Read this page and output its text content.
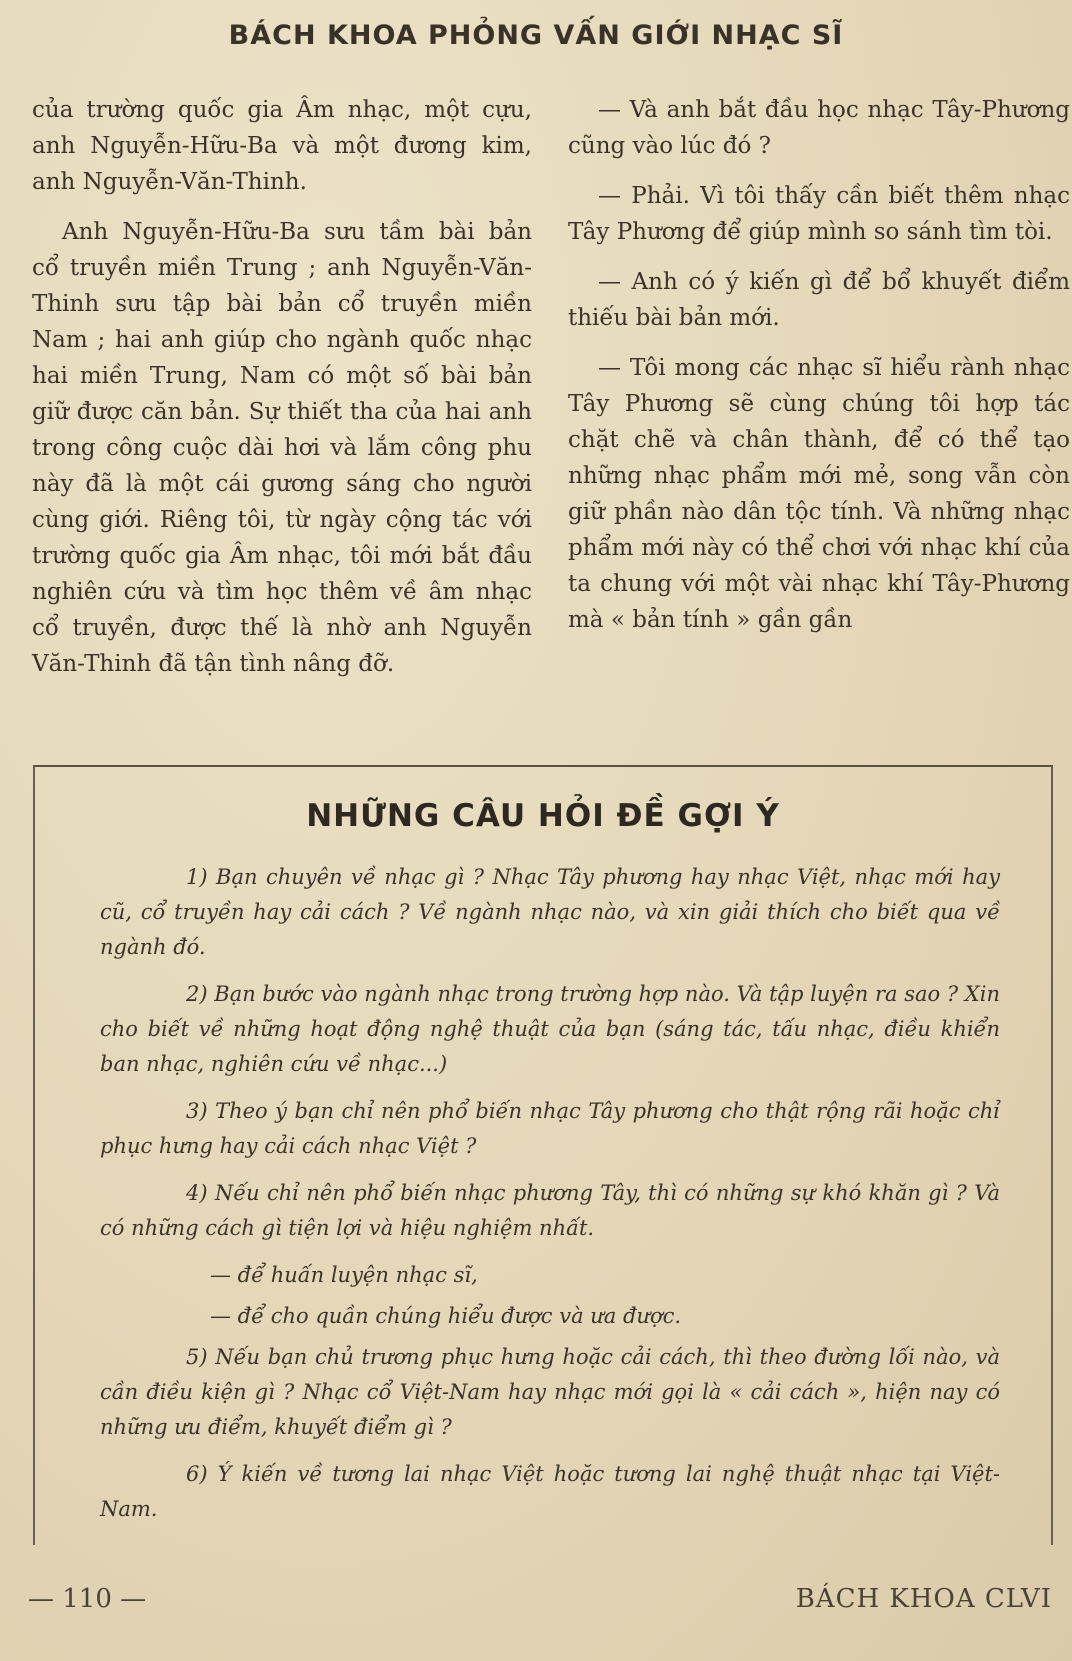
BÁCH KHOA PHỎNG VẤN GIỚI NHẠC SĨ

của trường quốc gia Âm nhạc, một cựu, anh Nguyễn-Hữu-Ba và một đương kim, anh Nguyễn-Văn-Thinh.

Anh Nguyễn-Hữu-Ba sưu tầm bài bản cổ truyền miền Trung ; anh Nguyễn-Văn-Thinh sưu tập bài bản cổ truyền miền Nam ; hai anh giúp cho ngành quốc nhạc hai miền Trung, Nam có một số bài bản giữ được căn bản. Sự thiết tha của hai anh trong công cuộc dài hơi và lắm công phu này đã là một cái gương sáng cho người cùng giới. Riêng tôi, từ ngày cộng tác với trường quốc gia Âm nhạc, tôi mới bắt đầu nghiên cứu và tìm học thêm về âm nhạc cổ truyền, được thế là nhờ anh Nguyễn Văn-Thinh đã tận tình nâng đỡ.

— Và anh bắt đầu học nhạc Tây-Phương cũng vào lúc đó ?

— Phải. Vì tôi thấy cần biết thêm nhạc Tây Phương để giúp mình so sánh tìm tòi.

— Anh có ý kiến gì để bổ khuyết điểm thiếu bài bản mới.

— Tôi mong các nhạc sĩ hiểu rành nhạc Tây Phương sẽ cùng chúng tôi hợp tác chặt chẽ và chân thành, để có thể tạo những nhạc phẩm mới mẻ, song vẫn còn giữ phần nào dân tộc tính. Và những nhạc phẩm mới này có thể chơi với nhạc khí của ta chung với một vài nhạc khí Tây-Phương mà « bản tính » gần gần

NHỮNG CÂU HỎI ĐỀ GỢI Ý

1) Bạn chuyên về nhạc gì ? Nhạc Tây phương hay nhạc Việt, nhạc mới hay cũ, cổ truyền hay cải cách ? Về ngành nhạc nào, và xin giải thích cho biết qua về ngành đó.

2) Bạn bước vào ngành nhạc trong trường hợp nào. Và tập luyện ra sao ? Xin cho biết về những hoạt động nghệ thuật của bạn (sáng tác, tấu nhạc, điều khiển ban nhạc, nghiên cứu về nhạc...)

3) Theo ý bạn chỉ nên phổ biến nhạc Tây phương cho thật rộng rãi hoặc chỉ phục hưng hay cải cách nhạc Việt ?

4) Nếu chỉ nên phổ biến nhạc phương Tây, thì có những sự khó khăn gì ? Và có những cách gì tiện lợi và hiệu nghiệm nhất.

— để huấn luyện nhạc sĩ,

— để cho quần chúng hiểu được và ưa được.

5) Nếu bạn chủ trương phục hưng hoặc cải cách, thì theo đường lối nào, và cần điều kiện gì ? Nhạc cổ Việt-Nam hay nhạc mới gọi là « cải cách », hiện nay có những ưu điểm, khuyết điểm gì ?

6) Ý kiến về tương lai nhạc Việt hoặc tương lai nghệ thuật nhạc tại Việt-Nam.

— 110 —	BÁCH KHOA CLVI
